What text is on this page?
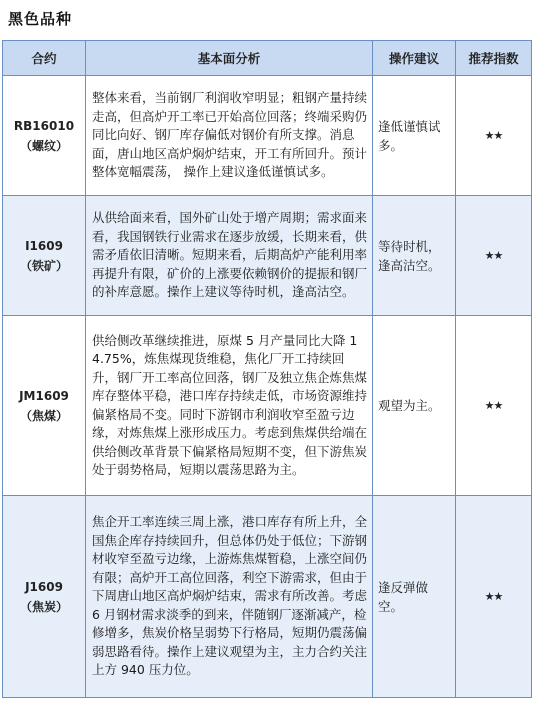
黑色品种
合约	基本面分析	操作建议	推荐指数

RB16010
（螺纹）	整体来看，当前钢厂利润收窄明显；粗钢产量持续走高，但高炉开工率已开始高位回落；终端采购仍同比向好、钢厂库存偏低对钢价有所支撑。消息面，唐山地区高炉焖炉结束，开工有所回升。预计整体宽幅震荡， 操作上建议逢低谨慎试多。	逢低谨慎试多。	★★

I1609
（铁矿）	从供给面来看，国外矿山处于增产周期；需求面来看，我国钢铁行业需求在逐步放缓，长期来看，供需矛盾依旧清晰。短期来看，后期高炉产能利用率再提升有限，矿价的上涨要依赖钢价的提振和钢厂的补库意愿。操作上建议等待时机，逢高沽空。	等待时机，逢高沽空。	★★

JM1609
（焦煤）	供给侧改革继续推进，原煤 5 月产量同比大降 14.75%，炼焦煤现货维稳，焦化厂开工持续回升，钢厂开工率高位回落，钢厂及独立焦企炼焦煤库存整体平稳，港口库存持续走低，市场资源维持偏紧格局不变。同时下游钢市利润收窄至盈亏边缘，对炼焦煤上涨形成压力。考虑到焦煤供给端在供给侧改革背景下偏紧格局短期不变，但下游焦炭处于弱势格局，短期以震荡思路为主。	观望为主。	★★

J1609
（焦炭）	焦企开工率连续三周上涨，港口库存有所上升，全国焦企库存持续回升，但总体仍处于低位；下游钢材收窄至盈亏边缘，上游炼焦煤暂稳，上涨空间仍有限；高炉开工高位回落，利空下游需求，但由于下周唐山地区高炉焖炉结束，需求有所改善。考虑 6 月钢材需求淡季的到来，伴随钢厂逐渐减产，检修增多，焦炭价格呈弱势下行格局，短期仍震荡偏弱思路看待。操作上建议观望为主，主力合约关注上方 940 压力位。	逢反弹做空。	★★
